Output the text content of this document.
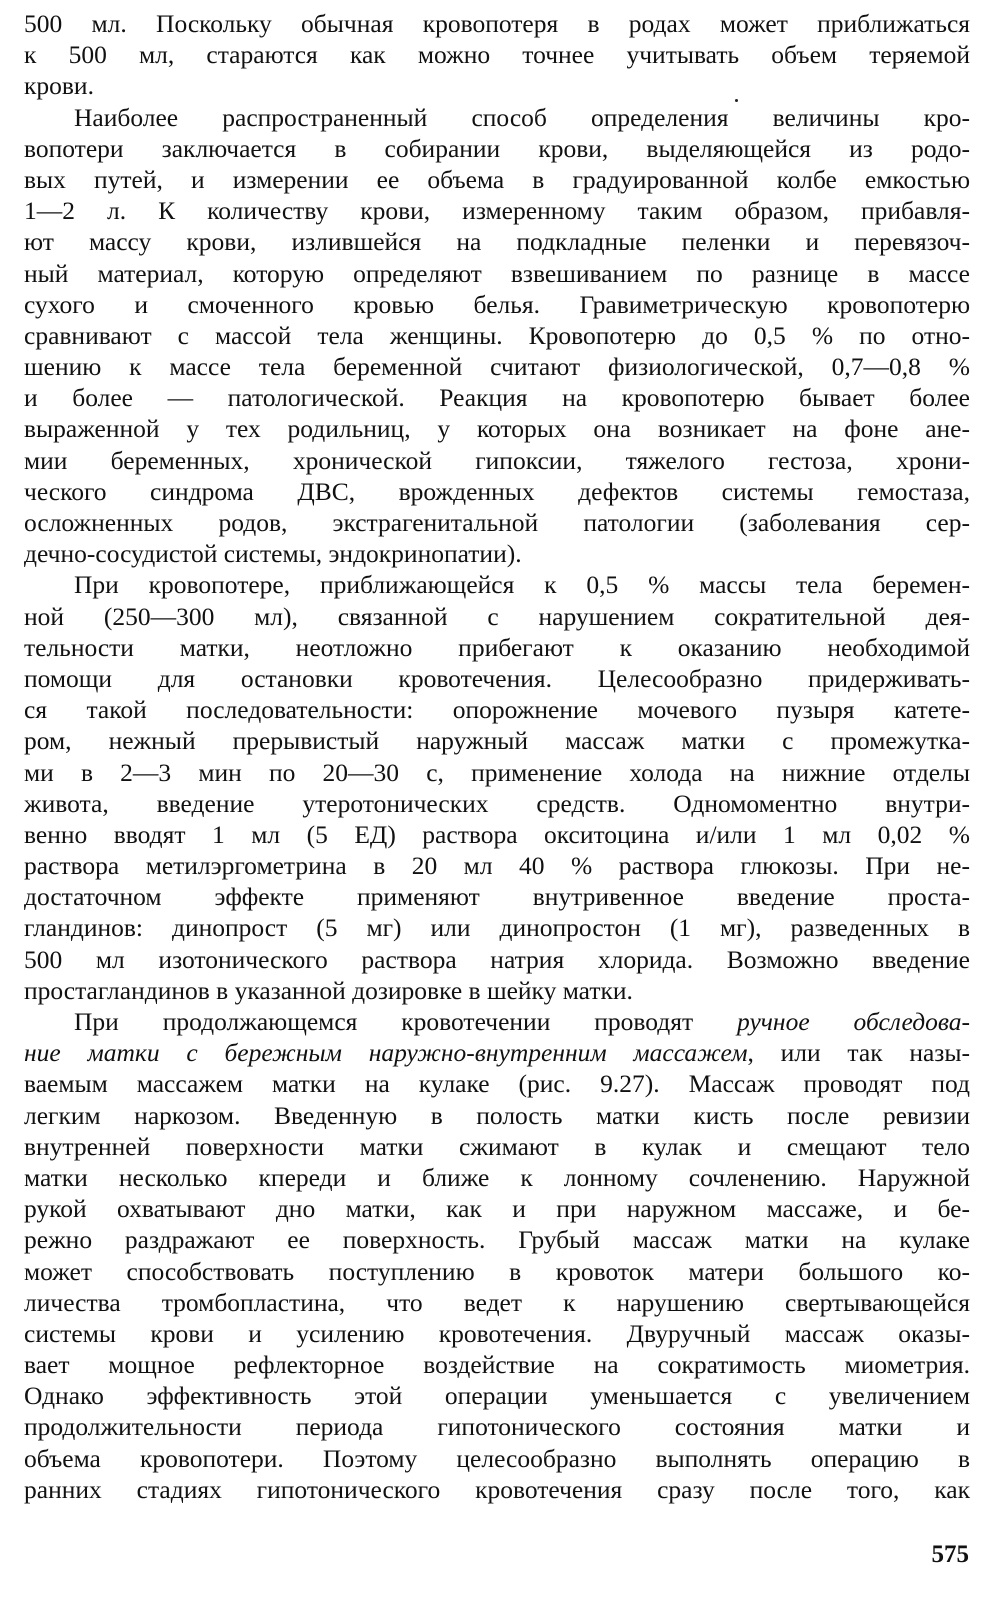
500 мл. Поскольку обычная кровопотеря в родах может приближаться
к 500 мл, стараются как можно точнее учитывать объем теряемой
крови.
Наиболее распространенный способ определения величины кро-
вопотери заключается в собирании крови, выделяющейся из родо-
вых путей, и измерении ее объема в градуированной колбе емкостью
1—2 л. К количеству крови, измеренному таким образом, прибавля-
ют массу крови, излившейся на подкладные пеленки и перевязоч-
ный материал, которую определяют взвешиванием по разнице в массе
сухого и смоченного кровью белья. Гравиметрическую кровопотерю
сравнивают с массой тела женщины. Кровопотерю до 0,5 % по отно-
шению к массе тела беременной считают физиологической, 0,7—0,8 %
и более — патологической. Реакция на кровопотерю бывает более
выраженной у тех родильниц, у которых она возникает на фоне ане-
мии беременных, хронической гипоксии, тяжелого гестоза, хрони-
ческого синдрома ДВС, врожденных дефектов системы гемостаза,
осложненных родов, экстрагенитальной патологии (заболевания сер-
дечно-сосудистой системы, эндокринопатии).
При кровопотере, приближающейся к 0,5 % массы тела беремен-
ной (250—300 мл), связанной с нарушением сократительной дея-
тельности матки, неотложно прибегают к оказанию необходимой
помощи для остановки кровотечения. Целесообразно придерживать-
ся такой последовательности: опорожнение мочевого пузыря катете-
ром, нежный прерывистый наружный массаж матки с промежутка-
ми в 2—3 мин по 20—30 с, применение холода на нижние отделы
живота, введение утеротонических средств. Одномоментно внутри-
венно вводят 1 мл (5 ЕД) раствора окситоцина и/или 1 мл 0,02 %
раствора метилэргометрина в 20 мл 40 % раствора глюкозы. При не-
достаточном эффекте применяют внутривенное введение проста-
гландинов: динопрост (5 мг) или динопростон (1 мг), разведенных в
500 мл изотонического раствора натрия хлорида. Возможно введение
простагландинов в указанной дозировке в шейку матки.
При продолжающемся кровотечении проводят ручное обследова-
ние матки с бережным наружно-внутренним массажем, или так назы-
ваемым массажем матки на кулаке (рис. 9.27). Массаж проводят под
легким наркозом. Введенную в полость матки кисть после ревизии
внутренней поверхности матки сжимают в кулак и смещают тело
матки несколько кпереди и ближе к лонному сочленению. Наружной
рукой охватывают дно матки, как и при наружном массаже, и бе-
режно раздражают ее поверхность. Грубый массаж матки на кулаке
может способствовать поступлению в кровоток матери большого ко-
личества тромбопластина, что ведет к нарушению свертывающейся
системы крови и усилению кровотечения. Двуручный массаж оказы-
вает мощное рефлекторное воздействие на сократимость миометрия.
Однако эффективность этой операции уменьшается с увеличением
продолжительности периода гипотонического состояния матки и
объема кровопотери. Поэтому целесообразно выполнять операцию в
ранних стадиях гипотонического кровотечения сразу после того, как
575
